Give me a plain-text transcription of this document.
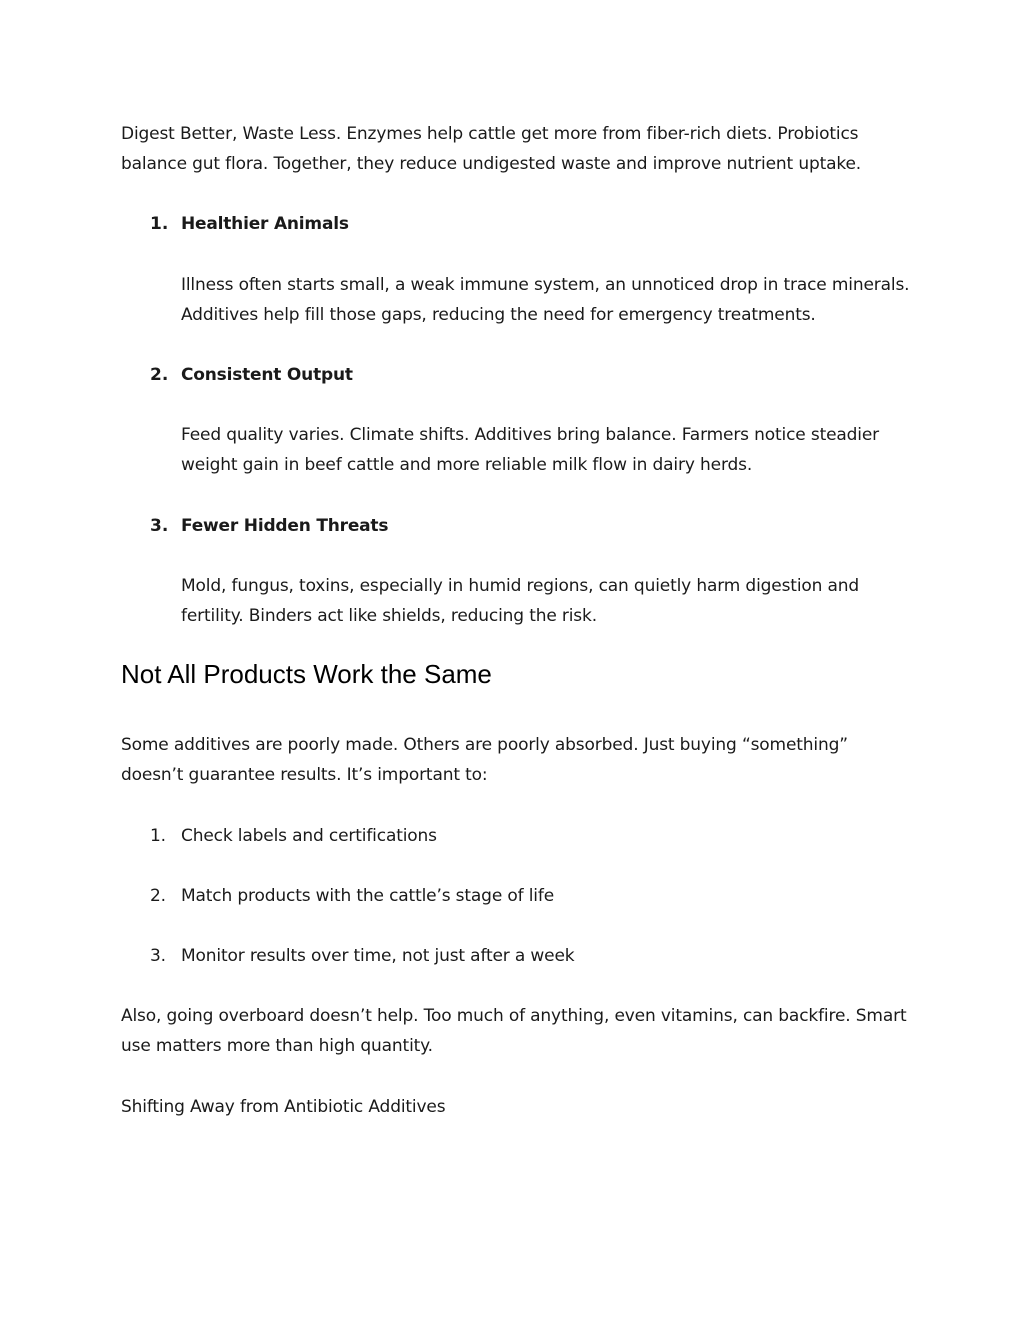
Digest Better, Waste Less. Enzymes help cattle get more from fiber-rich diets. Probiotics balance gut flora. Together, they reduce undigested waste and improve nutrient uptake.

1. Healthier Animals

Illness often starts small, a weak immune system, an unnoticed drop in trace minerals. Additives help fill those gaps, reducing the need for emergency treatments.

2. Consistent Output

Feed quality varies. Climate shifts. Additives bring balance. Farmers notice steadier weight gain in beef cattle and more reliable milk flow in dairy herds.

3. Fewer Hidden Threats

Mold, fungus, toxins, especially in humid regions, can quietly harm digestion and fertility. Binders act like shields, reducing the risk.

Not All Products Work the Same

Some additives are poorly made. Others are poorly absorbed. Just buying “something” doesn’t guarantee results. It’s important to:

1. Check labels and certifications

2. Match products with the cattle’s stage of life

3. Monitor results over time, not just after a week

Also, going overboard doesn’t help. Too much of anything, even vitamins, can backfire. Smart use matters more than high quantity.

Shifting Away from Antibiotic Additives
